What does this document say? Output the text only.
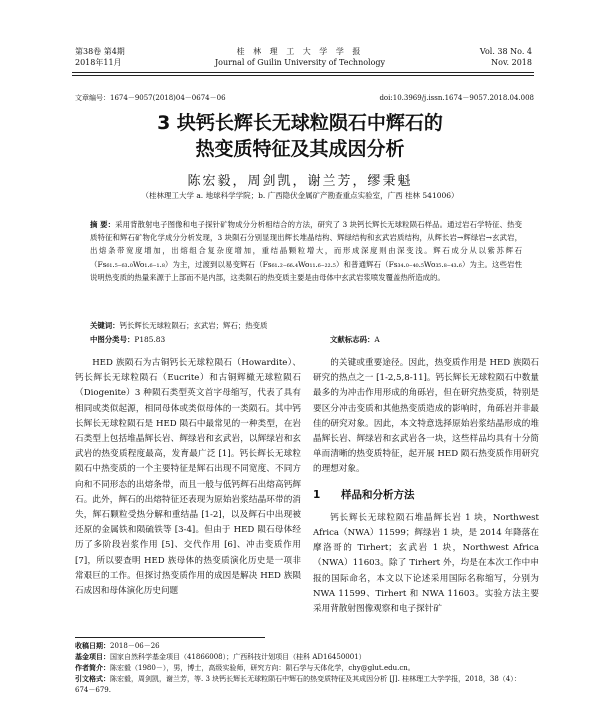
第38卷 第4期
2018年11月
桂 林 理 工 大 学 学 报
Journal of Guilin University of Technology
Vol. 38 No. 4
Nov. 2018
文章编号：1674－9057(2018)04－0674－06	doi:10.3969/j.issn.1674－9057.2018.04.008
3 块钙长辉长无球粒陨石中辉石的
热变质特征及其成因分析
陈宏毅，周剑凯，谢兰芳，缪秉魁
（桂林理工大学 a. 地球科学学院；b. 广西隐伏金属矿产勘查重点实验室，广西 桂林 541006）
摘 要：采用背散射电子图像和电子探针矿物成分分析相结合的方法，研究了 3 块钙长辉长无球粒陨石样品。通过岩石学特征、热变质特征和辉石矿物化学成分分析发现，3 块陨石分别显现出辉长堆晶结构、辉绿结构和玄武岩质结构，从辉长岩→辉绿岩→玄武岩，出熔条带宽度增加，出熔组合复杂度增加，重结晶颗粒增大，而形成深度则由深变浅。辉石成分从以紫苏辉石（Fs₆₁.₅₋₆₃.₀Wo₁.₆₋₁.₈）为主，过渡到以易变辉石（Fs₆₁.₂₋₆₆.₄Wo₁₁.₆₋₂₂.₅）和普通辉石（Fs₃₄.₀₋₄₀.₅Wo₃₅.₈₋₄₃.₆）为主。这些岩性说明热变质的热量来源于上部而不是内部，这类陨石的热变质主要是由母体中玄武岩浆喷发覆盖热所造成的。
关键词：钙长辉长无球粒陨石；玄武岩；辉石；热变质
中图分类号：P185.83	文献标志码：A

HED 族陨石为古铜钙长无球粒陨石（Howardite）、钙长辉长无球粒陨石（Eucrite）和古铜辉橄无球粒陨石（Diogenite）3 种陨石类型英文首字母缩写，代表了具有相同或类似起源，相同母体或类似母体的一类陨石。其中钙长辉长无球粒陨石是 HED 陨石中最常见的一种类型，在岩石类型上包括堆晶辉长岩、辉绿岩和玄武岩，以辉绿岩和玄武岩的热变质程度最高，发育最广泛 [1]。钙长辉长无球粒陨石中热变质的一个主要特征是辉石出现不同宽度、不同方向和不同形态的出熔条带，而且一般与低钙辉石出熔高钙辉石。此外，辉石的出熔特征还表现为原始岩浆结晶环带的消失，辉石颗粒受热分解和重结晶 [1-2]，以及辉石中出现被还原的金属铁和陨硫铁等 [3-4]。但由于 HED 陨石母体经历了多阶段岩浆作用 [5]、交代作用 [6]、冲击变质作用 [7]，所以要查明 HED 族母体的热变质演化历史是一项非常艰巨的工作。但探讨热变质作用的成因是解决 HED 族陨石成因和母体演化历史问题

的关键或重要途径。因此，热变质作用是 HED 族陨石研究的热点之一 [1-2,5,8-11]。钙长辉长无球粒陨石中数量最多的为冲击作用形成的角砾岩，但在研究热变质，特别是要区分冲击变质和其他热变质造成的影响时，角砾岩并非最佳的研究对象。因此，本文特意选择原始岩浆结晶形成的堆晶辉长岩、辉绿岩和玄武岩各一块，这些样品均具有十分简单而清晰的热变质特征，起开展 HED 陨石热变质作用研究的理想对象。

1 样品和分析方法

钙长辉长无球粒陨石堆晶辉长岩 1 块，Northwest Africa（NWA）11599；辉绿岩 1 块，是 2014 年降落在摩洛哥的 Tirhert；玄武岩 1 块，Northwest Africa（NWA）11603。除了 Tirhert 外，均是在本次工作中申报的国际命名，本文以下论述采用国际名称缩写，分别为 NWA 11599、Tirhert 和 NWA 11603。实验方法主要采用背散射图像观察和电子探针矿

收稿日期：2018－06－26
基金项目：国家自然科学基金项目（41866008）；广西科技计划项目（桂科 AD16450001）
作者简介：陈宏毅（1980－），男，博士，高级实验师，研究方向：陨石学与天体化学，chy@glut.edu.cn。
引文格式：陈宏毅，周剑凯，谢兰芳，等. 3 块钙长辉长无球粒陨石中辉石的热变质特征及其成因分析 [J]. 桂林理工大学学报，2018，38（4）：674－679.
